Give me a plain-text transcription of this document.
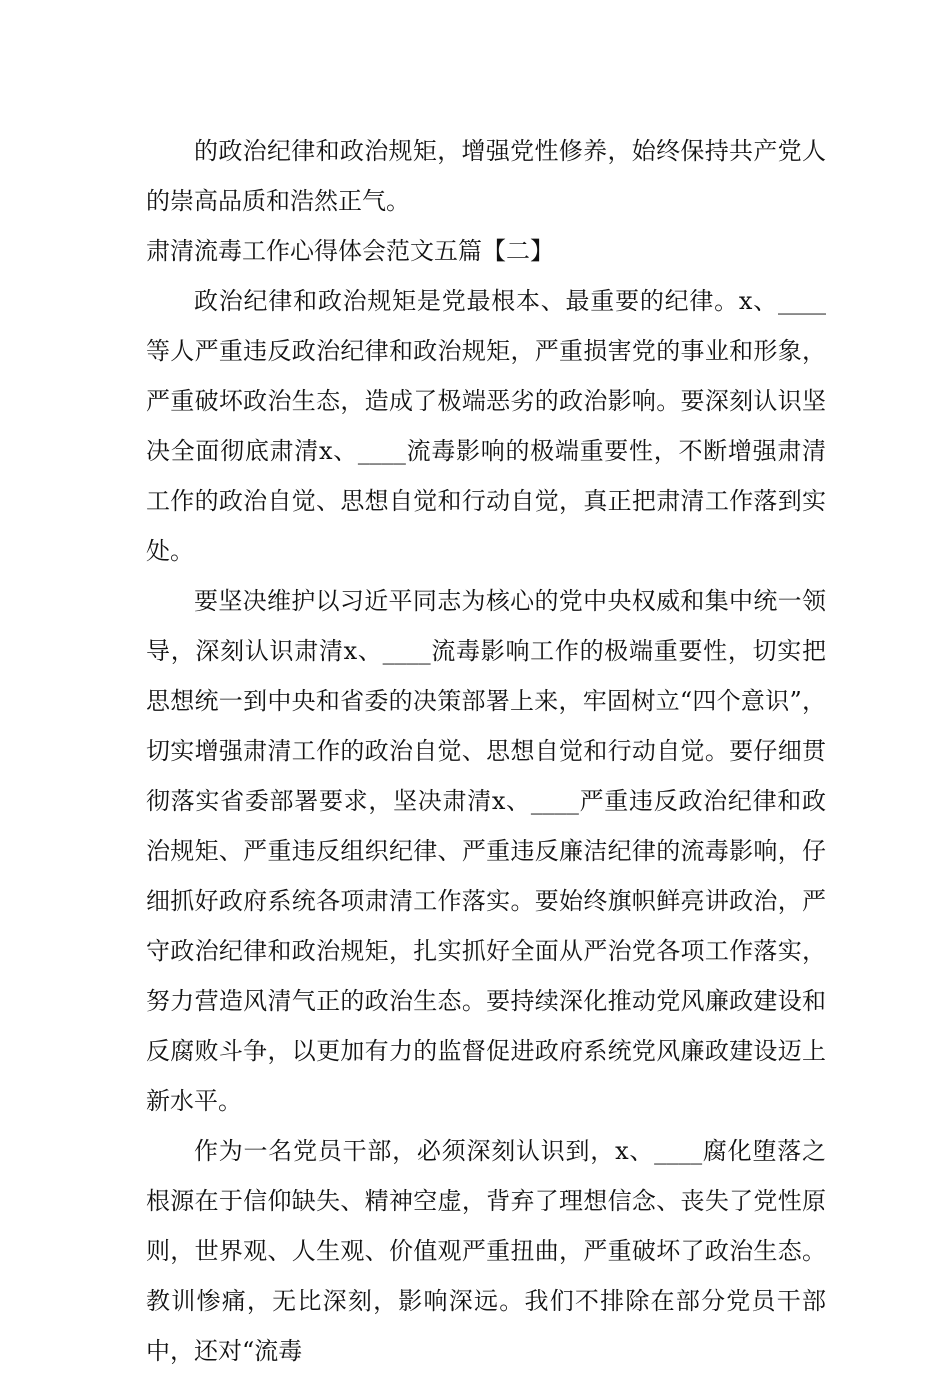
的政治纪律和政治规矩，增强党性修养，始终保持共产党人的崇高品质和浩然正气。

肃清流毒工作心得体会范文五篇【二】

政治纪律和政治规矩是党最根本、最重要的纪律。x、____等人严重违反政治纪律和政治规矩，严重损害党的事业和形象，严重破坏政治生态，造成了极端恶劣的政治影响。要深刻认识坚决全面彻底肃清x、____流毒影响的极端重要性，不断增强肃清工作的政治自觉、思想自觉和行动自觉，真正把肃清工作落到实处。

要坚决维护以习近平同志为核心的党中央权威和集中统一领导，深刻认识肃清x、____流毒影响工作的极端重要性，切实把思想统一到中央和省委的决策部署上来，牢固树立“四个意识”，切实增强肃清工作的政治自觉、思想自觉和行动自觉。要仔细贯彻落实省委部署要求，坚决肃清x、____严重违反政治纪律和政治规矩、严重违反组织纪律、严重违反廉洁纪律的流毒影响，仔细抓好政府系统各项肃清工作落实。要始终旗帜鲜亮讲政治，严守政治纪律和政治规矩，扎实抓好全面从严治党各项工作落实，努力营造风清气正的政治生态。要持续深化推动党风廉政建设和反腐败斗争，以更加有力的监督促进政府系统党风廉政建设迈上新水平。

作为一名党员干部，必须深刻认识到，x、____腐化堕落之根源在于信仰缺失、精神空虚，背弃了理想信念、丧失了党性原则，世界观、人生观、价值观严重扭曲，严重破坏了政治生态。教训惨痛，无比深刻，影响深远。我们不排除在部分党员干部中，还对“流毒
